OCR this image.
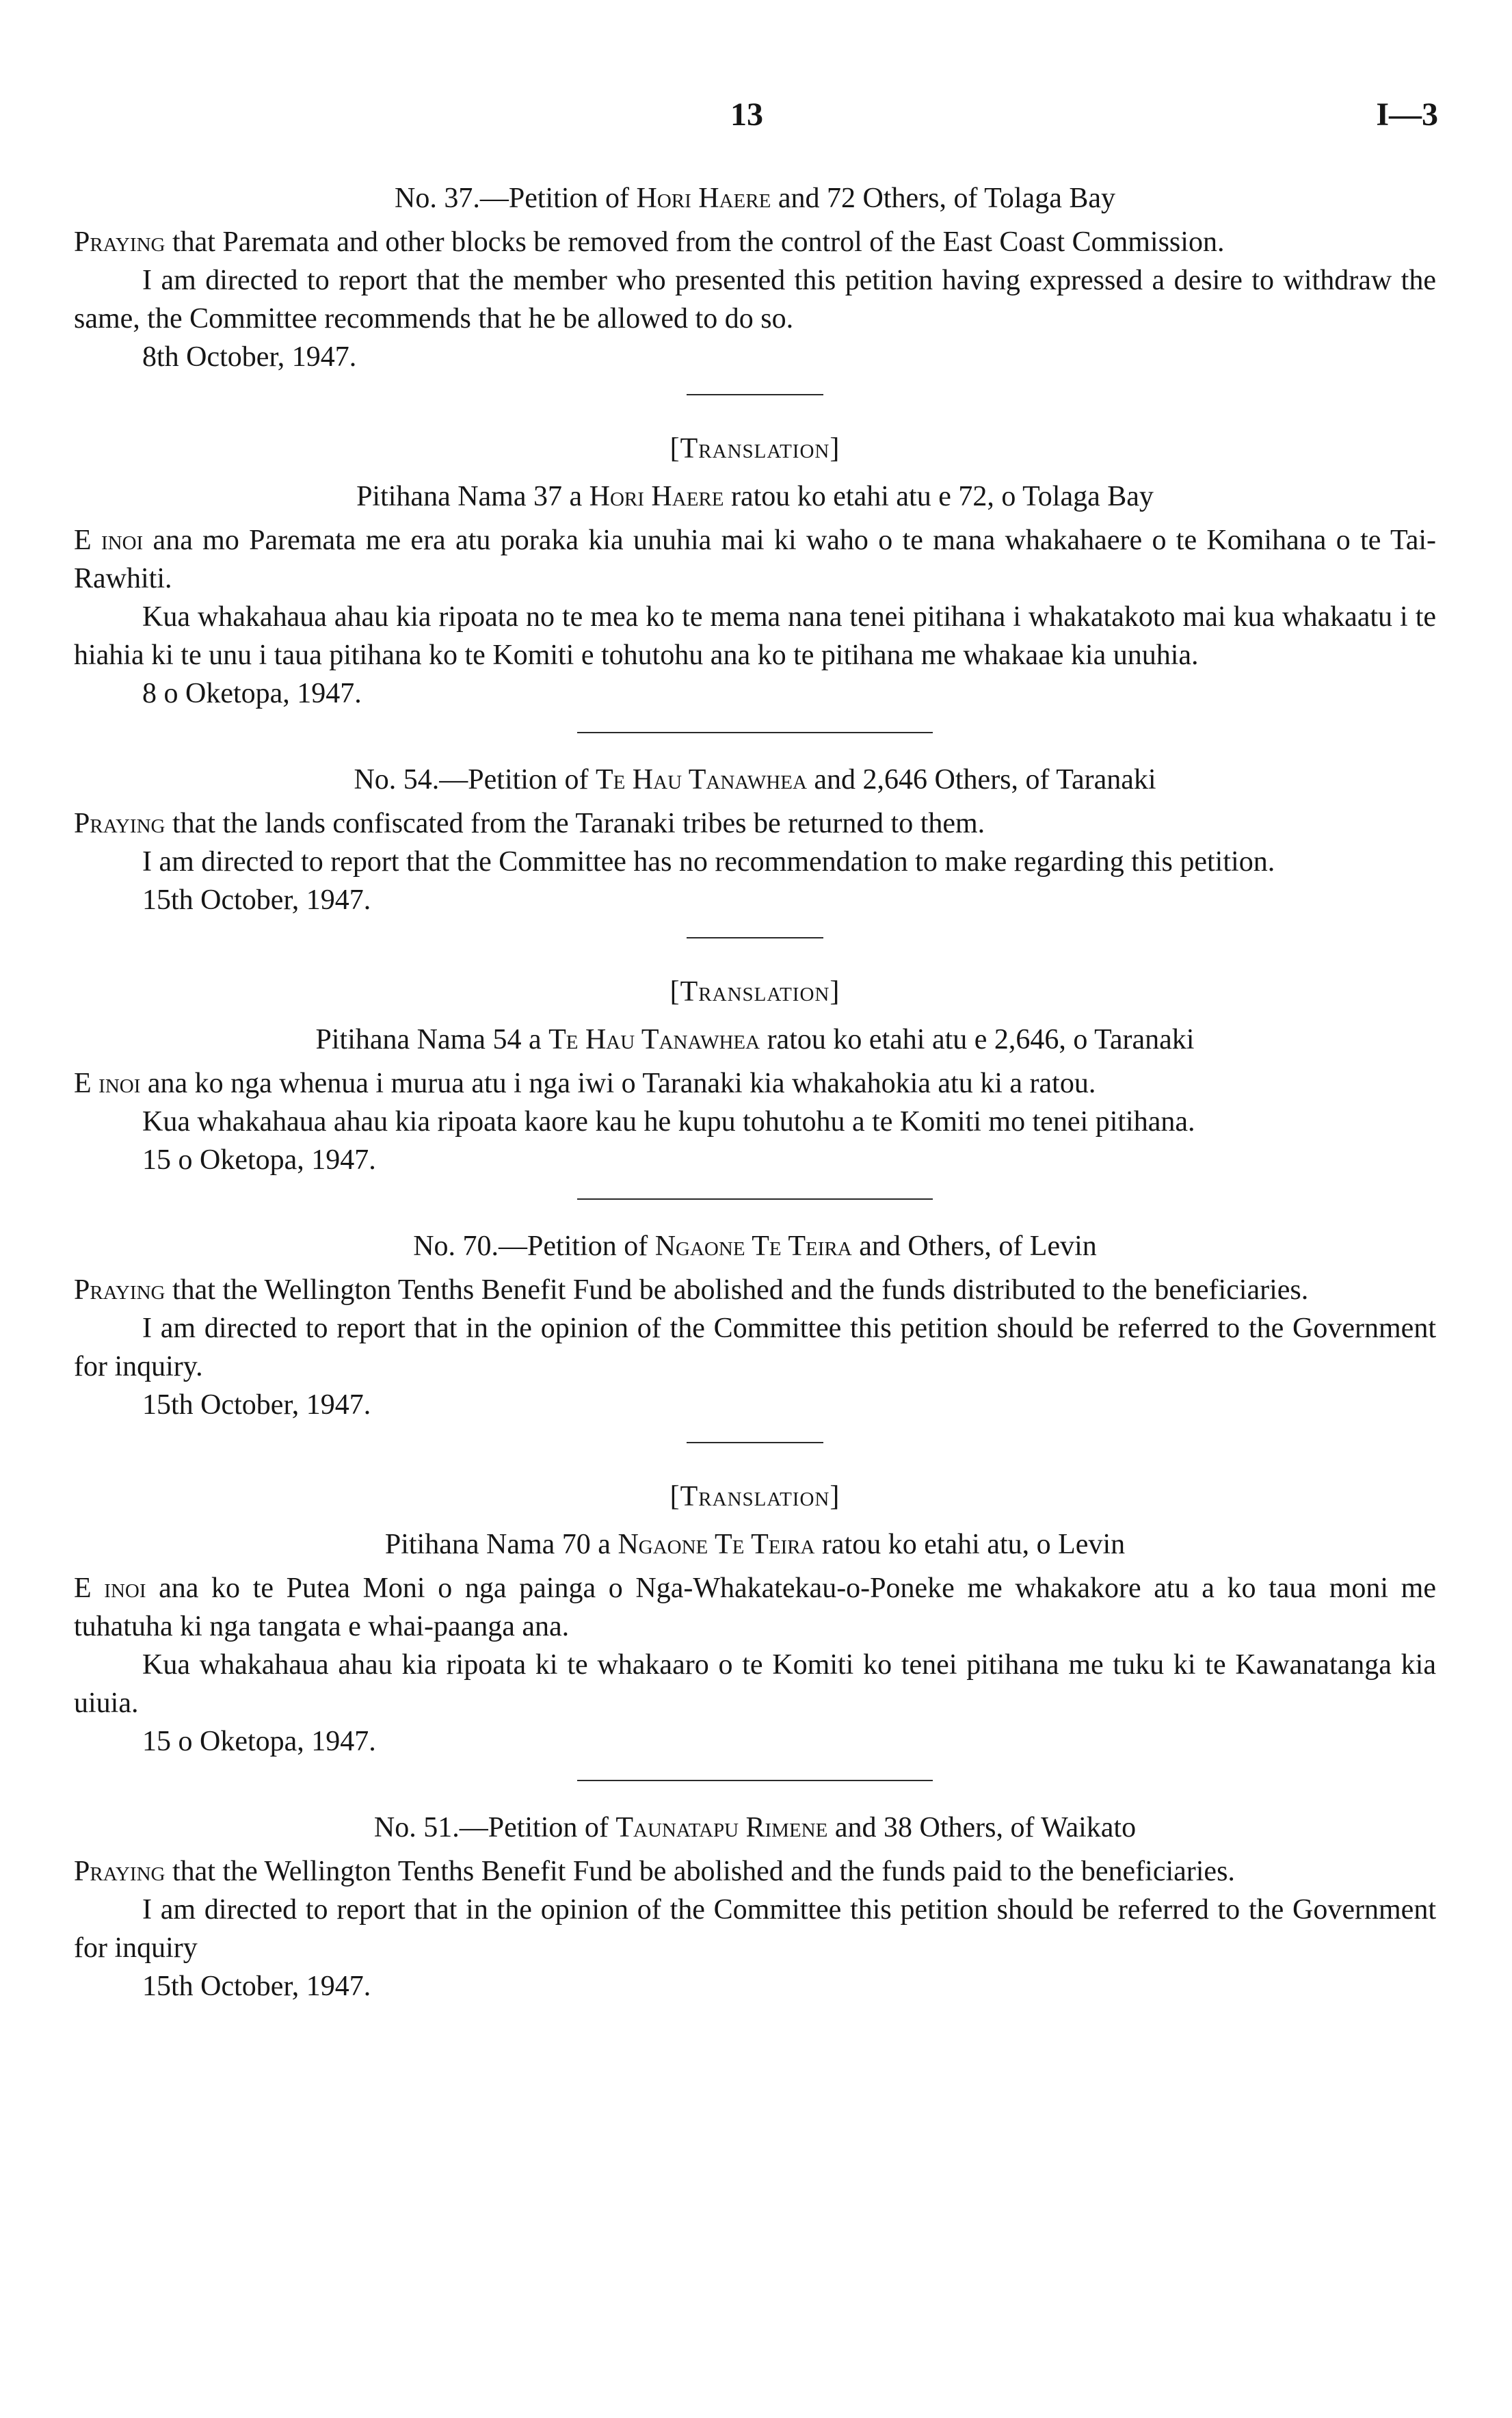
13	I—3

No. 37.—Petition of Hori Haere and 72 Others, of Tolaga Bay

Praying that Paremata and other blocks be removed from the control of the East Coast Commission.

I am directed to report that the member who presented this petition having expressed a desire to withdraw the same, the Committee recommends that he be allowed to do so.

8th October, 1947.

[Translation]

Pitihana Nama 37 a Hori Haere ratou ko etahi atu e 72, o Tolaga Bay

E inoi ana mo Paremata me era atu poraka kia unuhia mai ki waho o te mana whakahaere o te Komihana o te Tai-Rawhiti.

Kua whakahaua ahau kia ripoata no te mea ko te mema nana tenei pitihana i whakatakoto mai kua whakaatu i te hiahia ki te unu i taua pitihana ko te Komiti e tohutohu ana ko te pitihana me whakaae kia unuhia.

8 o Oketopa, 1947.

No. 54.—Petition of Te Hau Tanawhea and 2,646 Others, of Taranaki

Praying that the lands confiscated from the Taranaki tribes be returned to them.

I am directed to report that the Committee has no recommendation to make regarding this petition.

15th October, 1947.

[Translation]

Pitihana Nama 54 a Te Hau Tanawhea ratou ko etahi atu e 2,646, o Taranaki

E inoi ana ko nga whenua i murua atu i nga iwi o Taranaki kia whakahokia atu ki a ratou.

Kua whakahaua ahau kia ripoata kaore kau he kupu tohutohu a te Komiti mo tenei pitihana.

15 o Oketopa, 1947.

No. 70.—Petition of Ngaone Te Teira and Others, of Levin

Praying that the Wellington Tenths Benefit Fund be abolished and the funds distributed to the beneficiaries.

I am directed to report that in the opinion of the Committee this petition should be referred to the Government for inquiry.

15th October, 1947.

[Translation]

Pitihana Nama 70 a Ngaone Te Teira ratou ko etahi atu, o Levin

E inoi ana ko te Putea Moni o nga painga o Nga-Whakatekau-o-Poneke me whakakore atu a ko taua moni me tuhatuha ki nga tangata e whai-paanga ana.

Kua whakahaua ahau kia ripoata ki te whakaaro o te Komiti ko tenei pitihana me tuku ki te Kawanatanga kia uiuia.

15 o Oketopa, 1947.

No. 51.—Petition of Taunatapu Rimene and 38 Others, of Waikato

Praying that the Wellington Tenths Benefit Fund be abolished and the funds paid to the beneficiaries.

I am directed to report that in the opinion of the Committee this petition should be referred to the Government for inquiry

15th October, 1947.
